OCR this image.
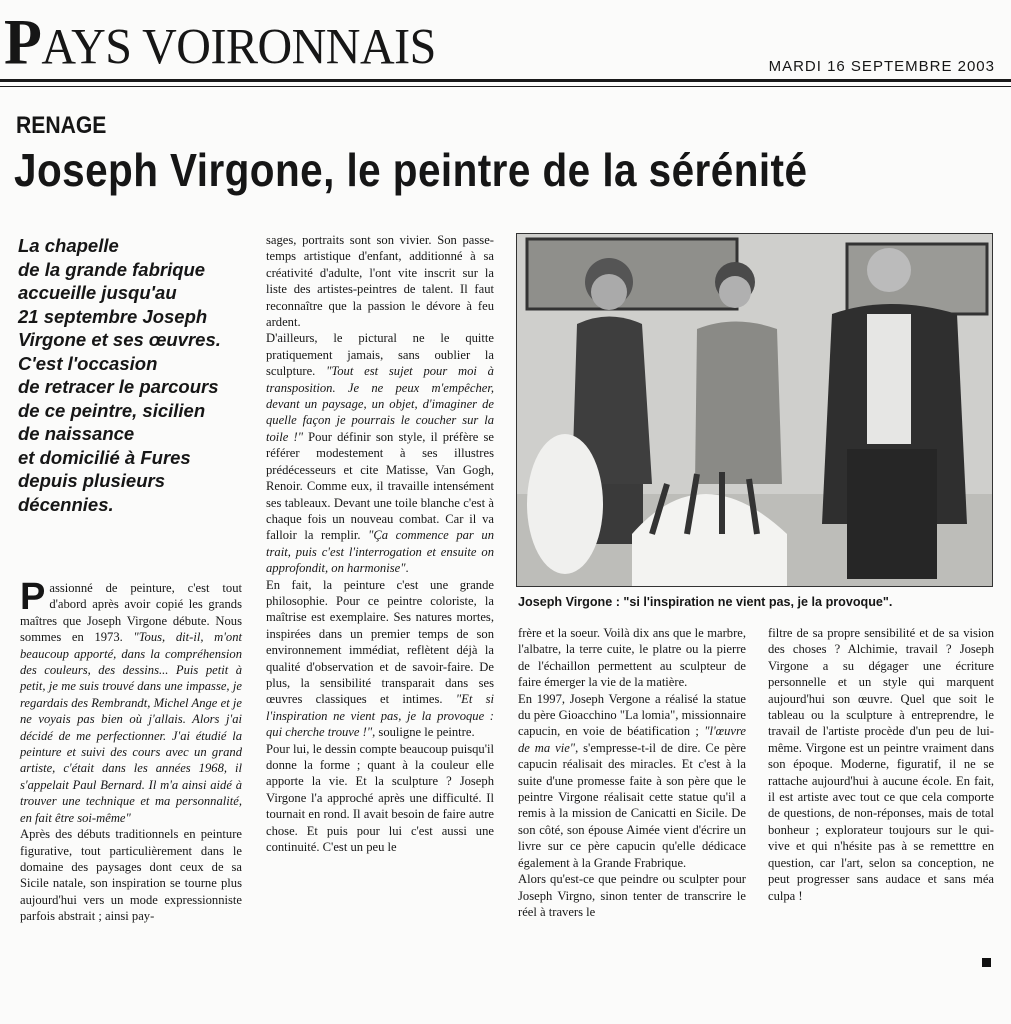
PAYS VOIRONNAIS	MARDI 16 SEPTEMBRE 2003
RENAGE
Joseph Virgone, le peintre de la sérénité
La chapelle
de la grande fabrique
accueille jusqu'au
21 septembre Joseph
Virgone et ses œuvres.
C'est l'occasion
de retracer le parcours
de ce peintre, sicilien
de naissance
et domicilié à Fures
depuis plusieurs
décennies.

Passionné de peinture, c'est tout d'abord après avoir copié les grands maîtres que Joseph Virgone débute. Nous sommes en 1973. "Tous, dit-il, m'ont beaucoup apporté, dans la compréhension des couleurs, des dessins... Puis petit à petit, je me suis trouvé dans une impasse, je regardais des Rembrandt, Michel Ange et je ne voyais pas bien où j'allais. Alors j'ai décidé de me perfectionner. J'ai étudié la peinture et suivi des cours avec un grand artiste, c'était dans les années 1968, il s'appelait Paul Bernard. Il m'a ainsi aidé à trouver une technique et ma personnalité, en fait être soi-même"

Après des débuts traditionnels en peinture figurative, tout particulièrement dans le domaine des paysages dont ceux de sa Sicile natale, son inspiration se tourne plus aujourd'hui vers un mode expressionniste parfois abstrait ; ainsi pay-

sages, portraits sont son vivier. Son passe-temps artistique d'enfant, additionné à sa créativité d'adulte, l'ont vite inscrit sur la liste des artistes-peintres de talent. Il faut reconnaître que la passion le dévore à feu ardent.

D'ailleurs, le pictural ne le quitte pratiquement jamais, sans oublier la sculpture. "Tout est sujet pour moi à transposition. Je ne peux m'empêcher, devant un paysage, un objet, d'imaginer de quelle façon je pourrais le coucher sur la toile !" Pour définir son style, il préfère se référer modestement à ses illustres prédécesseurs et cite Matisse, Van Gogh, Renoir. Comme eux, il travaille intensément ses tableaux. Devant une toile blanche c'est à chaque fois un nouveau combat. Car il va falloir la remplir. "Ça commence par un trait, puis c'est l'interrogation et ensuite on approfondit, on harmonise".

En fait, la peinture c'est une grande philosophie. Pour ce peintre coloriste, la maîtrise est exemplaire. Ses natures mortes, inspirées dans un premier temps de son environnement immédiat, reflètent déjà la qualité d'observation et de savoir-faire. De plus, la sensibilité transparait dans ses œuvres classiques et intimes. "Et si l'inspiration ne vient pas, je la provoque : qui cherche trouve !", souligne le peintre.

Pour lui, le dessin compte beaucoup puisqu'il donne la forme ; quant à la couleur elle apporte la vie. Et la sculpture ? Joseph Virgone l'a approché après une difficulté. Il tournait en rond. Il avait besoin de faire autre chose. Et puis pour lui c'est aussi une continuité. C'est un peu le

Joseph Virgone : "si l'inspiration ne vient pas, je la provoque".

frère et la soeur. Voilà dix ans que le marbre, l'albatre, la terre cuite, le platre ou la pierre de l'échaillon permettent au sculpteur de faire émerger la vie de la matière.

En 1997, Joseph Vergone a réalisé la statue du père Gioacchino "La lomia", missionnaire capucin, en voie de béatification ; "l'œuvre de ma vie", s'empresse-t-il de dire. Ce père capucin réalisait des miracles. Et c'est à la suite d'une promesse faite à son père que le peintre Virgone réalisait cette statue qu'il a remis à la mission de Canicatti en Sicile. De son côté, son épouse Aimée vient d'écrire un livre sur ce père capucin qu'elle dédicace également à la Grande Frabrique.

Alors qu'est-ce que peindre ou sculpter pour Joseph Virgno, sinon tenter de transcrire le réel à travers le

filtre de sa propre sensibilité et de sa vision des choses ? Alchimie, travail ? Joseph Virgone a su dégager une écriture personnelle et un style qui marquent aujourd'hui son œuvre. Quel que soit le tableau ou la sculpture à entreprendre, le travail de l'artiste procède d'un peu de lui-même. Virgone est un peintre vraiment dans son époque. Moderne, figuratif, il ne se rattache aujourd'hui à aucune école. En fait, il est artiste avec tout ce que cela comporte de questions, de non-réponses, mais de total bonheur ; explorateur toujours sur le qui-vive et qui n'hésite pas à se remetttre en question, car l'art, selon sa conception, ne peut progresser sans audace et sans méa culpa !
